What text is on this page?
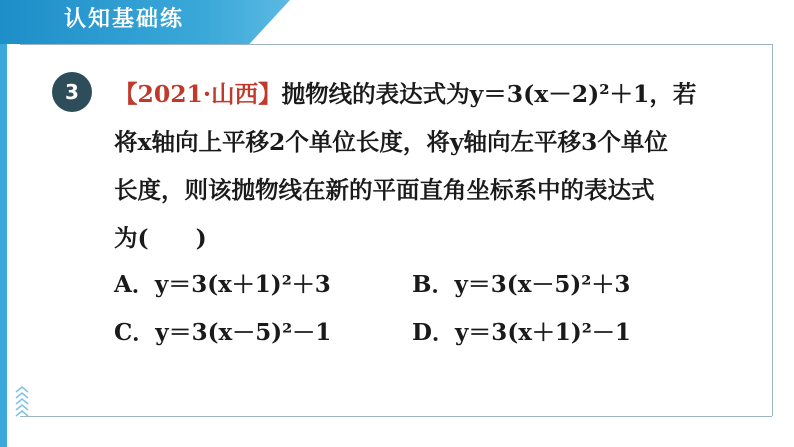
认知基础练
3	【2021·山西】抛物线的表达式为y＝3(x－2)²＋1，若
将x轴向上平移2个单位长度，将y轴向左平移3个单位
长度，则该抛物线在新的平面直角坐标系中的表达式
为(　　)
A．y＝3(x＋1)²＋3	B．y＝3(x－5)²＋3
C．y＝3(x－5)²－1	D．y＝3(x＋1)²－1
